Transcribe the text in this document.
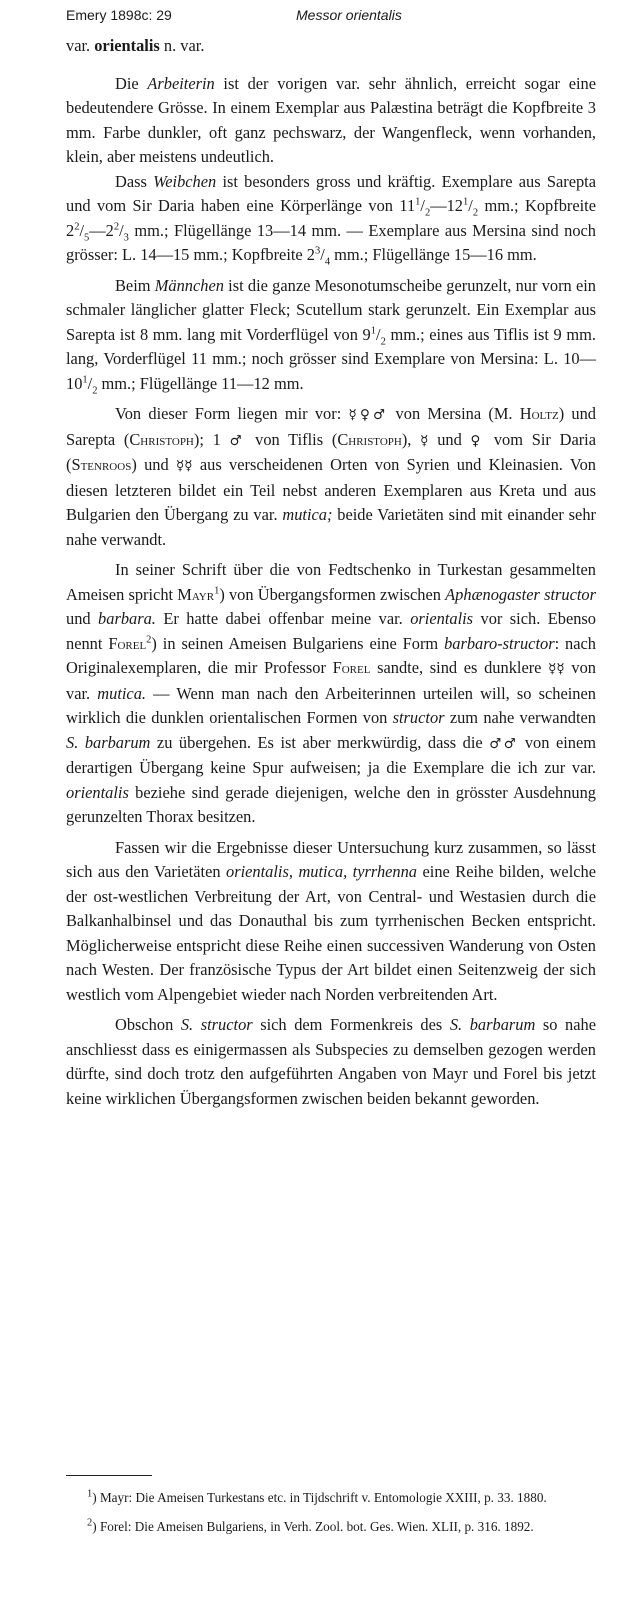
Emery 1898c: 29	Messor orientalis

var. orientalis n. var.

Die Arbeiterin ist der vorigen var. sehr ähnlich, erreicht sogar eine bedeutendere Grösse. In einem Exemplar aus Palæstina beträgt die Kopfbreite 3 mm. Farbe dunkler, oft ganz pechswarz, der Wangenfleck, wenn vorhanden, klein, aber meistens undeutlich.

Dass Weibchen ist besonders gross und kräftig. Exemplare aus Sarepta und vom Sir Daria haben eine Körperlänge von $11^1/_2—12^1/_2$ mm.; Kopfbreite $2^2/_5—2^2/_3$ mm.; Flügellänge 13—14 mm. — Exemplare aus Mersina sind noch grösser: L. 14—15 mm.; Kopfbreite $2^3/_4$ mm.; Flügellänge 15—16 mm.

Beim Männchen ist die ganze Mesonotumscheibe gerunzelt, nur vorn ein schmaler länglicher glatter Fleck; Scutellum stark gerunzelt. Ein Exemplar aus Sarepta ist 8 mm. lang mit Vorderflügel von $9^1/_2$ mm.; eines aus Tiflis ist 9 mm. lang, Vorderflügel 11 mm.; noch grösser sind Exemplare von Mersina: L. $10—10^1/_2$ mm.; Flügellänge 11—12 mm.

Von dieser Form liegen mir vor: ☿♀♂ von Mersina (M. Holtz) und Sarepta (Christoph); 1 ♂ von Tiflis (Christoph), ☿ und ♀ vom Sir Daria (Stenroos) und ☿☿ aus verscheidenen Orten von Syrien und Kleinasien. Von diesen letzteren bildet ein Teil nebst anderen Exemplaren aus Kreta und aus Bulgarien den Übergang zu var. mutica; beide Varietäten sind mit einander sehr nahe verwandt.

In seiner Schrift über die von Fedtschenko in Turkestan gesammelten Ameisen spricht Mayr$^1$) von Übergangsformen zwischen Aphænogaster structor und barbara. Er hatte dabei offenbar meine var. orientalis vor sich. Ebenso nennt Forel$^2$) in seinen Ameisen Bulgariens eine Form barbaro-structor: nach Originalexemplaren, die mir Professor Forel sandte, sind es dunklere ☿☿ von var. mutica. — Wenn man nach den Arbeiterinnen urteilen will, so scheinen wirklich die dunklen orientalischen Formen von structor zum nahe verwandten S. barbarum zu übergehen. Es ist aber merkwürdig, dass die ♂♂ von einem derartigen Übergang keine Spur aufweisen; ja die Exemplare die ich zur var. orientalis beziehe sind gerade diejenigen, welche den in grösster Ausdehnung gerunzelten Thorax besitzen.

Fassen wir die Ergebnisse dieser Untersuchung kurz zusammen, so lässt sich aus den Varietäten orientalis, mutica, tyrrhenna eine Reihe bilden, welche der ost-westlichen Verbreitung der Art, von Central- und Westasien durch die Balkanhalbinsel und das Donauthal bis zum tyrrhenischen Becken entspricht. Möglicherweise entspricht diese Reihe einen successiven Wanderung von Osten nach Westen. Der französische Typus der Art bildet einen Seitenzweig der sich westlich vom Alpengebiet wieder nach Norden verbreitenden Art.

Obschon S. structor sich dem Formenkreis des S. barbarum so nahe anschliesst dass es einigermassen als Subspecies zu demselben gezogen werden dürfte, sind doch trotz den aufgeführten Angaben von Mayr und Forel bis jetzt keine wirklichen Übergangsformen zwischen beiden bekannt geworden.

$^1$) Mayr: Die Ameisen Turkestans etc. in Tijdschrift v. Entomologie XXIII, p. 33. 1880.

$^2$) Forel: Die Ameisen Bulgariens, in Verh. Zool. bot. Ges. Wien. XLII, p. 316. 1892.
